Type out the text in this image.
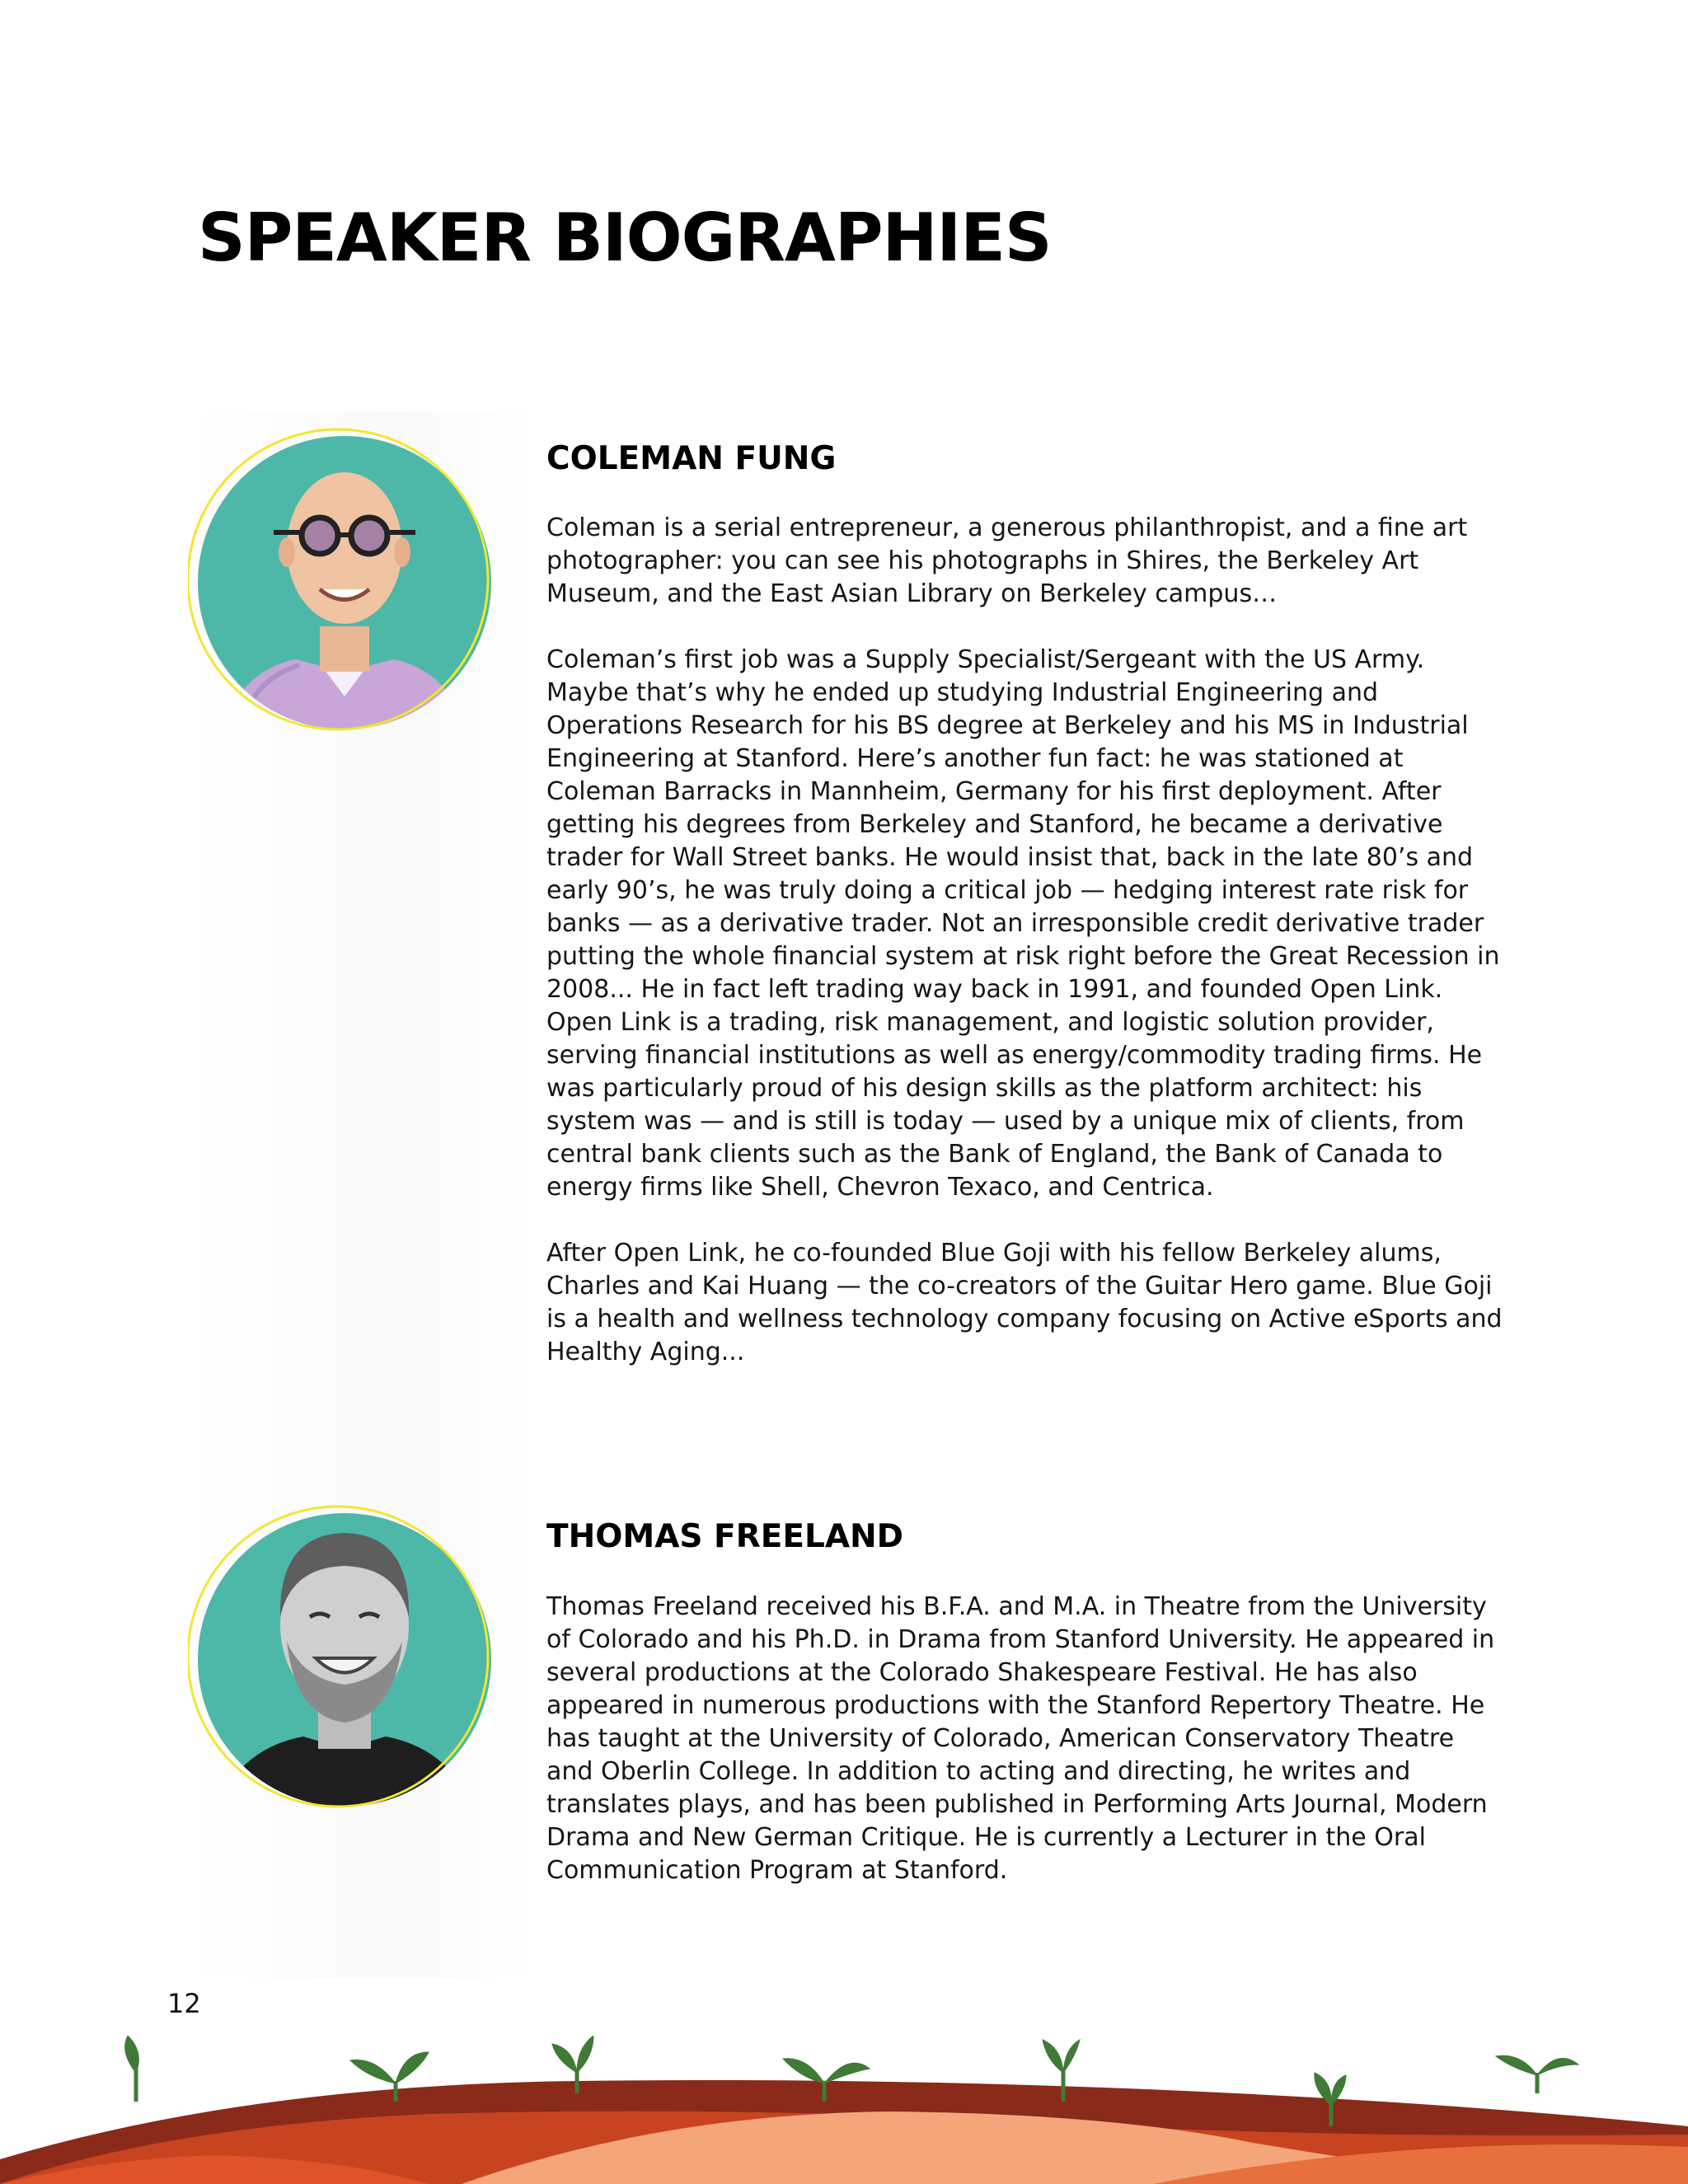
SPEAKER BIOGRAPHIES
COLEMAN FUNG

Coleman is a serial entrepreneur, a generous philanthropist, and a fine art photographer: you can see his photographs in Shires, the Berkeley Art Museum, and the East Asian Library on Berkeley campus…

Coleman’s first job was a Supply Specialist/Sergeant with the US Army. Maybe that’s why he ended up studying Industrial Engineering and Operations Research for his BS degree at Berkeley and his MS in Industrial Engineering at Stanford. Here’s another fun fact: he was stationed at Coleman Barracks in Mannheim, Germany for his first deployment. After getting his degrees from Berkeley and Stanford, he became a derivative trader for Wall Street banks. He would insist that, back in the late 80’s and early 90’s, he was truly doing a critical job — hedging interest rate risk for banks — as a derivative trader. Not an irresponsible credit derivative trader putting the whole financial system at risk right before the Great Recession in 2008... He in fact left trading way back in 1991, and founded Open Link. Open Link is a trading, risk management, and logistic solution provider, serving financial institutions as well as energy/commodity trading firms. He was particularly proud of his design skills as the platform architect: his system was — and is still is today — used by a unique mix of clients, from central bank clients such as the Bank of England, the Bank of Canada to energy firms like Shell, Chevron Texaco, and Centrica.

After Open Link, he co-founded Blue Goji with his fellow Berkeley alums, Charles and Kai Huang — the co-creators of the Guitar Hero game. Blue Goji is a health and wellness technology company focusing on Active eSports and Healthy Aging...

THOMAS FREELAND

Thomas Freeland received his B.F.A. and M.A. in Theatre from the University of Colorado and his Ph.D. in Drama from Stanford University. He appeared in several productions at the Colorado Shakespeare Festival. He has also appeared in numerous productions with the Stanford Repertory Theatre. He has taught at the University of Colorado, American Conservatory Theatre and Oberlin College. In addition to acting and directing, he writes and translates plays, and has been published in Performing Arts Journal, Modern Drama and New German Critique. He is currently a Lecturer in the Oral Communication Program at Stanford.

12
